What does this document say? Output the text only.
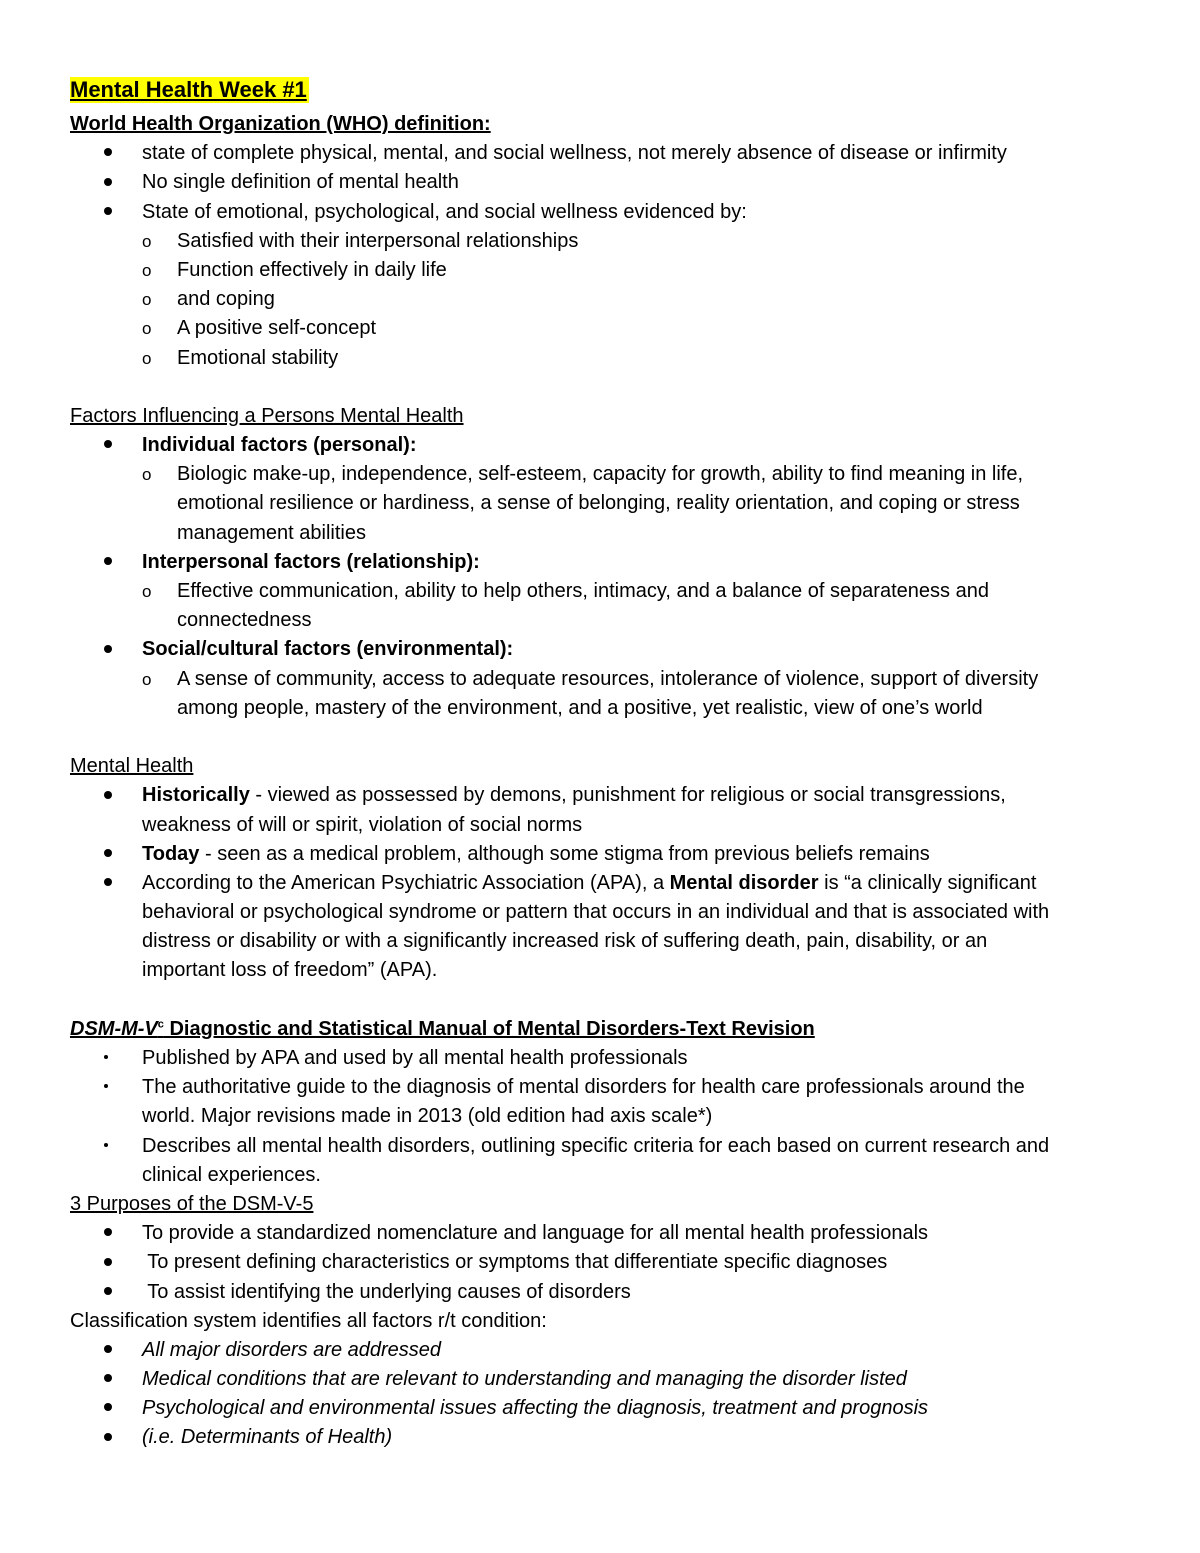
Mental Health Week #1
World Health Organization (WHO) definition:
state of complete physical, mental, and social wellness, not merely absence of disease or infirmity
No single definition of mental health
State of emotional, psychological, and social wellness evidenced by:
o Satisfied with their interpersonal relationships
o Function effectively in daily life
o and coping
o A positive self-concept
o Emotional stability
Factors Influencing a Persons Mental Health
Individual factors (personal):
o Biologic make-up, independence, self-esteem, capacity for growth, ability to find meaning in life,
emotional resilience or hardiness, a sense of belonging, reality orientation, and coping or stress
management abilities
Interpersonal factors (relationship):
o Effective communication, ability to help others, intimacy, and a balance of separateness and
connectedness
Social/cultural factors (environmental):
o A sense of community, access to adequate resources, intolerance of violence, support of diversity
among people, mastery of the environment, and a positive, yet realistic, view of one’s world
Mental Health
Historically - viewed as possessed by demons, punishment for religious or social transgressions,
weakness of will or spirit, violation of social norms
Today - seen as a medical problem, although some stigma from previous beliefs remains
According to the American Psychiatric Association (APA), a Mental disorder is “a clinically significant
behavioral or psychological syndrome or pattern that occurs in an individual and that is associated with
distress or disability or with a significantly increased risk of suffering death, pain, disability, or an
important loss of freedom” (APA).
DSM-$M-V^c$ Diagnostic and Statistical Manual of Mental Disorders-Text Revision
Published by APA and used by all mental health professionals
The authoritative guide to the diagnosis of mental disorders for health care professionals around the
world. Major revisions made in 2013 (old edition had axis scale*)
Describes all mental health disorders, outlining specific criteria for each based on current research and
clinical experiences.
3 Purposes of the DSM-V-5
To provide a standardized nomenclature and language for all mental health professionals
To present defining characteristics or symptoms that differentiate specific diagnoses
To assist identifying the underlying causes of disorders
Classification system identifies all factors r/t condition:
All major disorders are addressed
Medical conditions that are relevant to understanding and managing the disorder listed
Psychological and environmental issues affecting the diagnosis, treatment and prognosis
(i.e. Determinants of Health)
